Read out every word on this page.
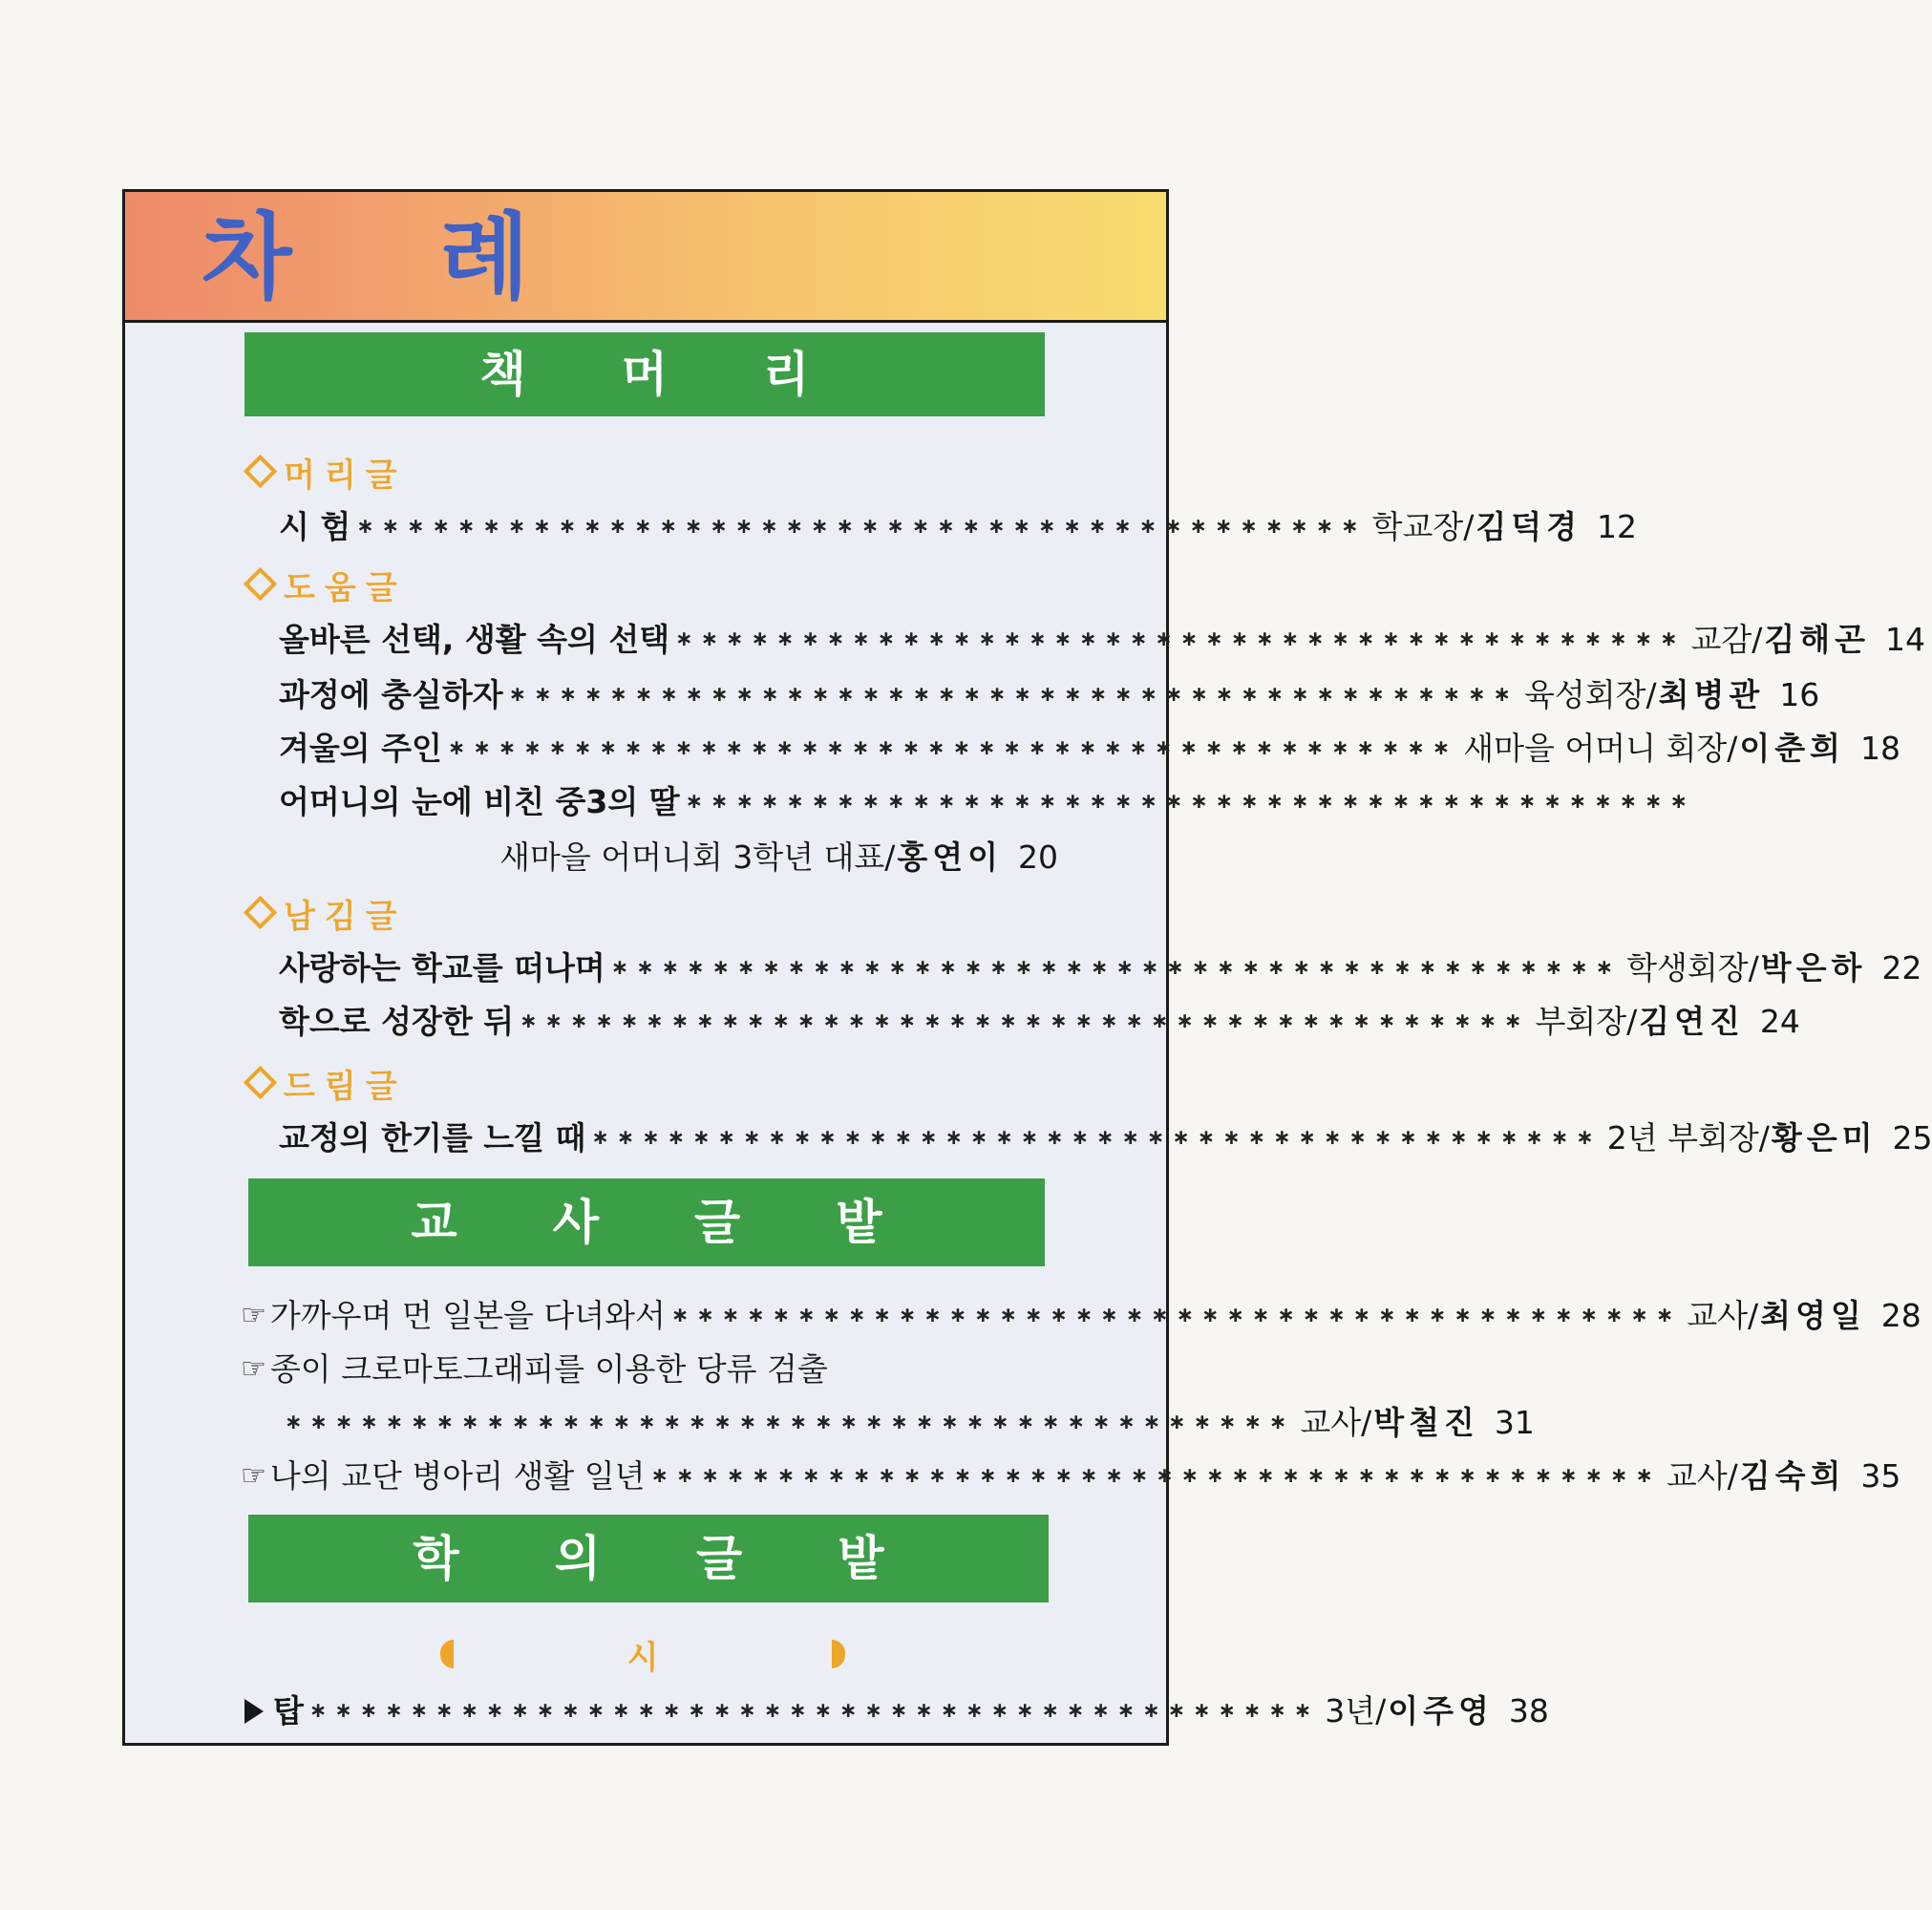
차 례
책머리
머리글
시 험 ∗∗∗∗∗∗∗∗∗∗∗∗∗∗∗∗∗∗∗∗∗∗∗∗∗∗∗∗∗∗∗∗∗∗∗∗∗∗∗∗ 학교장/김덕경 12
도움글
올바른 선택, 생활 속의 선택 ∗∗∗∗∗∗∗∗∗∗∗∗∗∗∗∗∗∗∗∗∗∗∗∗∗∗∗∗∗∗∗∗∗∗∗∗∗∗∗∗ 교감/김해곤 14
과정에 충실하자 ∗∗∗∗∗∗∗∗∗∗∗∗∗∗∗∗∗∗∗∗∗∗∗∗∗∗∗∗∗∗∗∗∗∗∗∗∗∗∗∗ 육성회장/최병관 16
겨울의 주인 ∗∗∗∗∗∗∗∗∗∗∗∗∗∗∗∗∗∗∗∗∗∗∗∗∗∗∗∗∗∗∗∗∗∗∗∗∗∗∗∗ 새마을 어머니 회장/이춘희 18
어머니의 눈에 비친 중3의 딸 ∗∗∗∗∗∗∗∗∗∗∗∗∗∗∗∗∗∗∗∗∗∗∗∗∗∗∗∗∗∗∗∗∗∗∗∗∗∗∗∗
새마을 어머니회 3학년 대표/홍연이 20
남김글
사랑하는 학교를 떠나며 ∗∗∗∗∗∗∗∗∗∗∗∗∗∗∗∗∗∗∗∗∗∗∗∗∗∗∗∗∗∗∗∗∗∗∗∗∗∗∗∗ 학생회장/박은하 22
학으로 성장한 뒤 ∗∗∗∗∗∗∗∗∗∗∗∗∗∗∗∗∗∗∗∗∗∗∗∗∗∗∗∗∗∗∗∗∗∗∗∗∗∗∗∗ 부회장/김연진 24
드림글
교정의 한기를 느낄 때 ∗∗∗∗∗∗∗∗∗∗∗∗∗∗∗∗∗∗∗∗∗∗∗∗∗∗∗∗∗∗∗∗∗∗∗∗∗∗∗∗ 2년 부회장/황은미 25
교사글밭
☞ 가까우며 먼 일본을 다녀와서 ∗∗∗∗∗∗∗∗∗∗∗∗∗∗∗∗∗∗∗∗∗∗∗∗∗∗∗∗∗∗∗∗∗∗∗∗∗∗∗∗ 교사/최영일 28
☞ 종이 크로마토그래피를 이용한 당류 검출
∗∗∗∗∗∗∗∗∗∗∗∗∗∗∗∗∗∗∗∗∗∗∗∗∗∗∗∗∗∗∗∗∗∗∗∗∗∗∗∗ 교사/박철진 31
☞ 나의 교단 병아리 생활 일년 ∗∗∗∗∗∗∗∗∗∗∗∗∗∗∗∗∗∗∗∗∗∗∗∗∗∗∗∗∗∗∗∗∗∗∗∗∗∗∗∗ 교사/김숙희 35
학의글밭
시
탑 ∗∗∗∗∗∗∗∗∗∗∗∗∗∗∗∗∗∗∗∗∗∗∗∗∗∗∗∗∗∗∗∗∗∗∗∗∗∗∗∗ 3년/이주영 38
